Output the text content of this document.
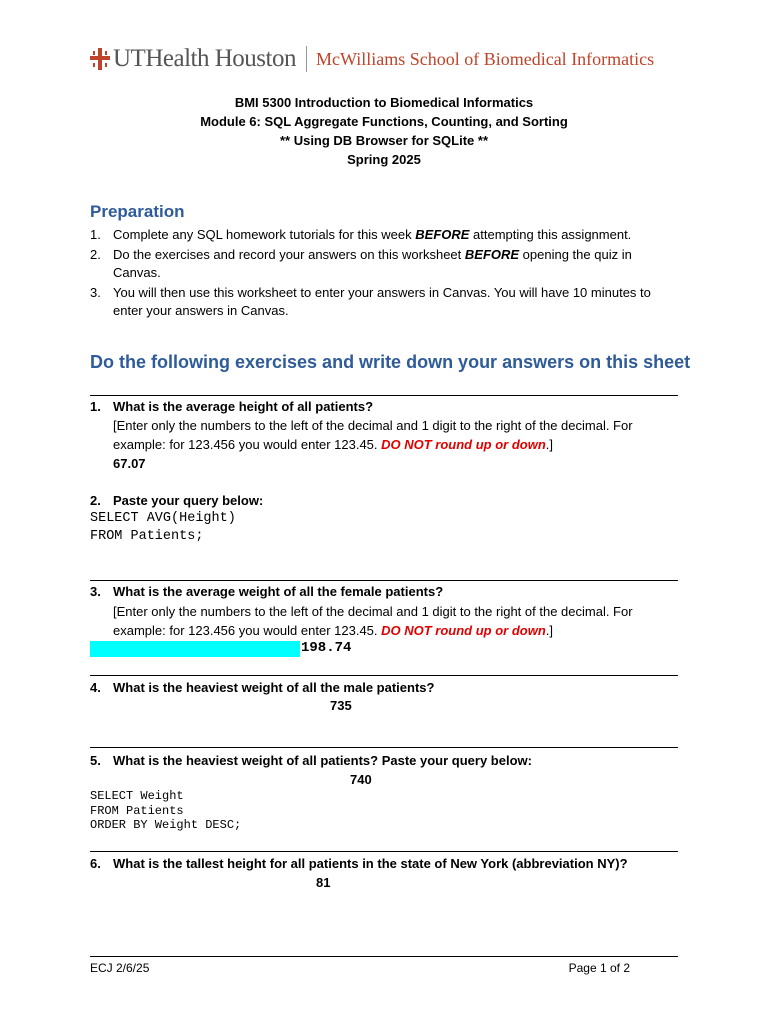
UTHealth Houston McWilliams School of Biomedical Informatics
BMI 5300 Introduction to Biomedical Informatics
Module 6: SQL Aggregate Functions, Counting, and Sorting
** Using DB Browser for SQLite **
Spring 2025
Preparation
1. Complete any SQL homework tutorials for this week BEFORE attempting this assignment.
2. Do the exercises and record your answers on this worksheet BEFORE opening the quiz in Canvas.
3. You will then use this worksheet to enter your answers in Canvas. You will have 10 minutes to enter your answers in Canvas.
Do the following exercises and write down your answers on this sheet
1. What is the average height of all patients?
[Enter only the numbers to the left of the decimal and 1 digit to the right of the decimal. For example: for 123.456 you would enter 123.45. DO NOT round up or down.]
67.07
2. Paste your query below:
SELECT AVG(Height)
FROM Patients;
3. What is the average weight of all the female patients?
[Enter only the numbers to the left of the decimal and 1 digit to the right of the decimal. For example: for 123.456 you would enter 123.45. DO NOT round up or down.]
198.74
4. What is the heaviest weight of all the male patients?
735
5. What is the heaviest weight of all patients? Paste your query below:
740
SELECT Weight
FROM Patients
ORDER BY Weight DESC;
6. What is the tallest height for all patients in the state of New York (abbreviation NY)?
81
ECJ 2/6/25	Page 1 of 2
